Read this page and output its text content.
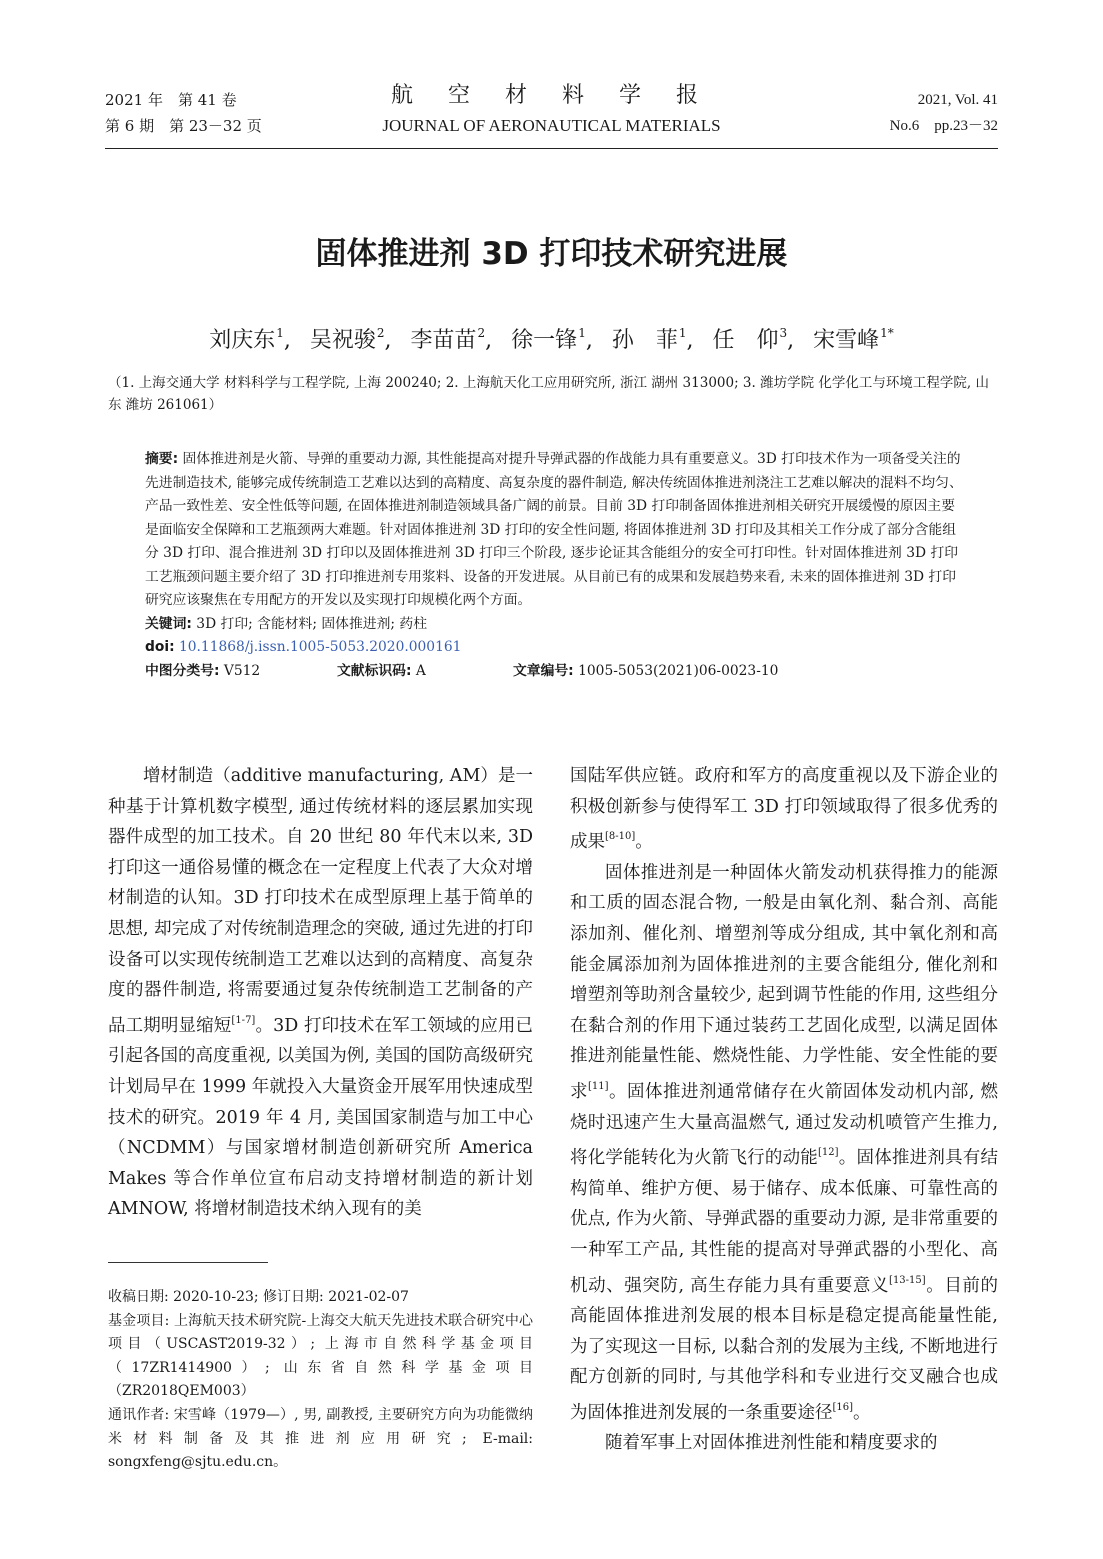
2021 年　第 41 卷
第 6 期　第 23－32 页
航 空 材 料 学 报
JOURNAL OF AERONAUTICAL MATERIALS
2021, Vol. 41
No.6　pp.23－32
固体推进剂 3D 打印技术研究进展
刘庆东$^1$, 吴祝骏$^2$, 李苗苗$^2$, 徐一锋$^1$, 孙　菲$^1$, 任　仰$^3$, 宋雪峰$^{1*}$
（1. 上海交通大学 材料科学与工程学院, 上海 200240; 2. 上海航天化工应用研究所, 浙江 湖州 313000; 3. 潍坊学院 化学化工与环境工程学院, 山东 潍坊 261061）
摘要: 固体推进剂是火箭、导弹的重要动力源, 其性能提高对提升导弹武器的作战能力具有重要意义。3D 打印技术作为一项备受关注的先进制造技术, 能够完成传统制造工艺难以达到的高精度、高复杂度的器件制造, 解决传统固体推进剂浇注工艺难以解决的混料不均匀、产品一致性差、安全性低等问题, 在固体推进剂制造领域具备广阔的前景。目前 3D 打印制备固体推进剂相关研究开展缓慢的原因主要是面临安全保障和工艺瓶颈两大难题。针对固体推进剂 3D 打印的安全性问题, 将固体推进剂 3D 打印及其相关工作分成了部分含能组分 3D 打印、混合推进剂 3D 打印以及固体推进剂 3D 打印三个阶段, 逐步论证其含能组分的安全可打印性。针对固体推进剂 3D 打印工艺瓶颈问题主要介绍了 3D 打印推进剂专用浆料、设备的开发进展。从目前已有的成果和发展趋势来看, 未来的固体推进剂 3D 打印研究应该聚焦在专用配方的开发以及实现打印规模化两个方面。
关键词: 3D 打印; 含能材料; 固体推进剂; 药柱
doi: 10.11868/j.issn.1005-5053.2020.000161
中图分类号: V512	文献标识码: A	文章编号: 1005-5053(2021)06-0023-10

增材制造（additive manufacturing, AM）是一种基于计算机数字模型, 通过传统材料的逐层累加实现器件成型的加工技术。自 20 世纪 80 年代末以来, 3D 打印这一通俗易懂的概念在一定程度上代表了大众对增材制造的认知。3D 打印技术在成型原理上基于简单的思想, 却完成了对传统制造理念的突破, 通过先进的打印设备可以实现传统制造工艺难以达到的高精度、高复杂度的器件制造, 将需要通过复杂传统制造工艺制备的产品工期明显缩短[1-7]。3D 打印技术在军工领域的应用已引起各国的高度重视, 以美国为例, 美国的国防高级研究计划局早在 1999 年就投入大量资金开展军用快速成型技术的研究。2019 年 4 月, 美国国家制造与加工中心（NCDMM）与国家增材制造创新研究所 America Makes 等合作单位宣布启动支持增材制造的新计划 AMNOW, 将增材制造技术纳入现有的美

收稿日期: 2020-10-23; 修订日期: 2021-02-07

基金项目: 上海航天技术研究院-上海交大航天先进技术联合研究中心项目（USCAST2019-32）; 上海市自然科学基金项目（17ZR1414900）; 山东省自然科学基金项目（ZR2018QEM003）

通讯作者: 宋雪峰（1979—）, 男, 副教授, 主要研究方向为功能微纳米材料制备及其推进剂应用研究; E-mail: songxfeng@sjtu.edu.cn。

国陆军供应链。政府和军方的高度重视以及下游企业的积极创新参与使得军工 3D 打印领域取得了很多优秀的成果[8-10]。

固体推进剂是一种固体火箭发动机获得推力的能源和工质的固态混合物, 一般是由氧化剂、黏合剂、高能添加剂、催化剂、增塑剂等成分组成, 其中氧化剂和高能金属添加剂为固体推进剂的主要含能组分, 催化剂和增塑剂等助剂含量较少, 起到调节性能的作用, 这些组分在黏合剂的作用下通过装药工艺固化成型, 以满足固体推进剂能量性能、燃烧性能、力学性能、安全性能的要求[11]。固体推进剂通常储存在火箭固体发动机内部, 燃烧时迅速产生大量高温燃气, 通过发动机喷管产生推力, 将化学能转化为火箭飞行的动能[12]。固体推进剂具有结构简单、维护方便、易于储存、成本低廉、可靠性高的优点, 作为火箭、导弹武器的重要动力源, 是非常重要的一种军工产品, 其性能的提高对导弹武器的小型化、高机动、强突防, 高生存能力具有重要意义[13-15]。目前的高能固体推进剂发展的根本目标是稳定提高能量性能, 为了实现这一目标, 以黏合剂的发展为主线, 不断地进行配方创新的同时, 与其他学科和专业进行交叉融合也成为固体推进剂发展的一条重要途径[16]。

随着军事上对固体推进剂性能和精度要求的
